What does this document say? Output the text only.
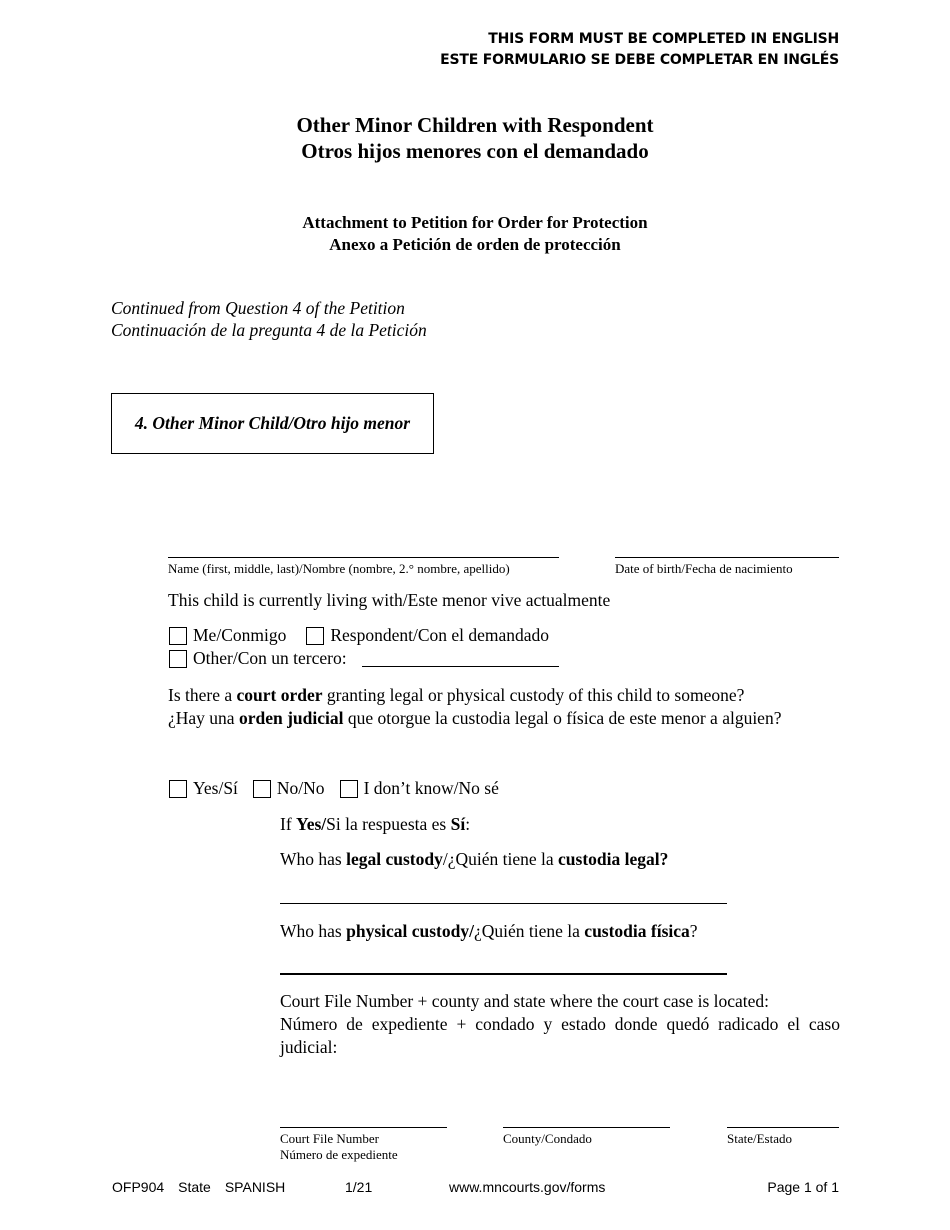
THIS FORM MUST BE COMPLETED IN ENGLISH
ESTE FORMULARIO SE DEBE COMPLETAR EN INGLÉS
Other Minor Children with Respondent
Otros hijos menores con el demandado
Attachment to Petition for Order for Protection
Anexo a Petición de orden de protección
Continued from Question 4 of the Petition
Continuación de la pregunta 4 de la Petición
4. Other Minor Child/Otro hijo menor
Name (first, middle, last)/Nombre (nombre, 2.° nombre, apellido)	Date of birth/Fecha de nacimiento
This child is currently living with/Este menor vive actualmente
Me/Conmigo	Respondent/Con el demandado
Other/Con un tercero:
Is there a court order granting legal or physical custody of this child to someone?
¿Hay una orden judicial que otorgue la custodia legal o física de este menor a alguien?
Yes/Sí No/No I don’t know/No sé
If Yes/Si la respuesta es Sí:
Who has legal custody/¿Quién tiene la custodia legal?
Who has physical custody/¿Quién tiene la custodia física?
Court File Number + county and state where the court case is located:
Número de expediente + condado y estado donde quedó radicado el caso
judicial:
Court File Number
Número de expediente
County/Condado	State/Estado
OFP904 State SPANISH	1/21	www.mncourts.gov/forms	Page 1 of 1
